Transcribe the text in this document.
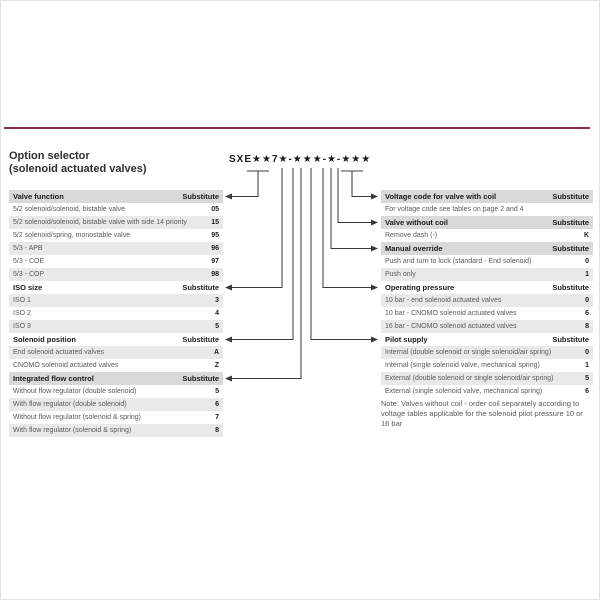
Option selector
(solenoid actuated valves)
SXE★★7★-★★★-★-★★★
Valve function	Substitute
5/2 solenoid/solenoid, bistable valve	05
5/2 solenoid/solenoid, bistable valve with side 14 priority	15
5/2 solenoid/spring, monostable valve	95
5/3 - APB	96
5/3 - COE	97
5/3 - COP	98
ISO size	Substitute
ISO 1	3
ISO 2	4
ISO 3	5
Solenoid position	Substitute
End solenoid actuated valves	A
CNOMO solenoid actuated valves	Z
Integrated flow control	Substitute
Without flow regulator (double solenoid)	5
With flow regulator (double solenoid)	6
Without flow regulator (solenoid & spring)	7
With flow regulator (solenoid & spring)	8
Voltage code for valve with coil	Substitute
For voltage code see tables on page 2 and 4
Valve without coil	Substitute
Remove dash (-)	K
Manual override	Substitute
Push and turn to lock (standard - End solenoid)	0
Push only	1
Operating pressure	Substitute
10 bar - end solenoid actuated valves	0
10 bar - CNOMO solenoid actuated valves	6
16 bar - CNOMO solenoid actuated valves	8
Pilot supply	Substitute
Internal (double solenoid or single solenoid/air spring)	0
Internal (single solenoid valve, mechanical spring)	1
External (double solenoid or single solenoid/air spring)	5
External (single solenoid valve, mechanical spring)	6
Note: Valves without coil - order coil separately according to voltage tables applicable for the solenoid pilot pressure 10 or 16 bar
